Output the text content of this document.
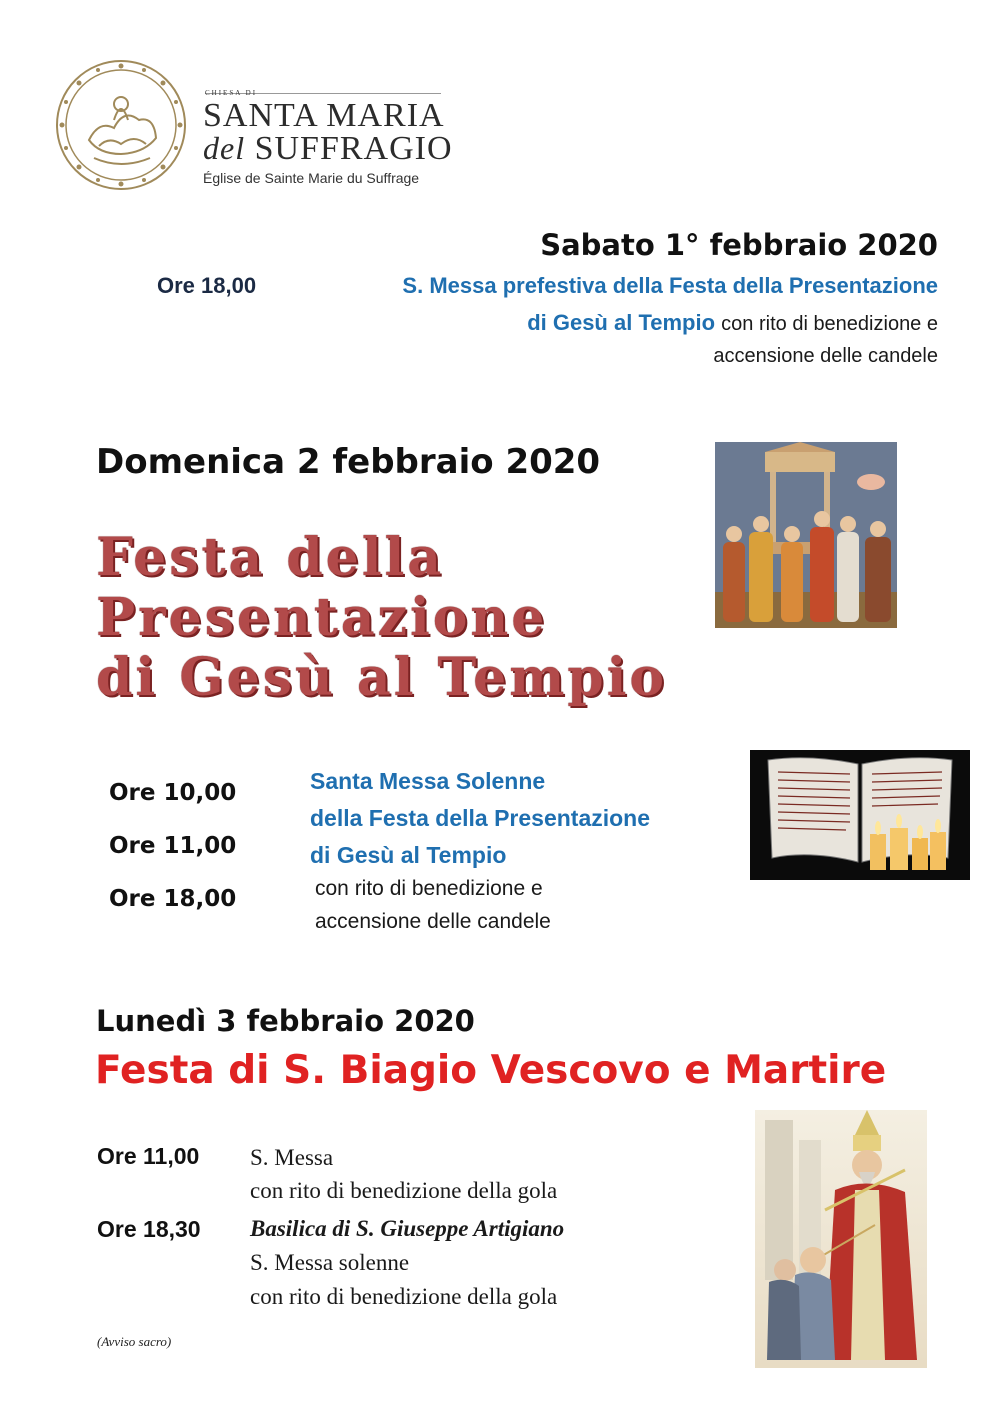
CHIESA DI
SANTA MARIA
del SUFFRAGIO
Église de Sainte Marie du Suffrage
Sabato 1° febbraio 2020
Ore 18,00	S. Messa prefestiva della Festa della Presentazione
di Gesù al Tempio con rito di benedizione e
accensione delle candele
Domenica 2 febbraio 2020
Festa della
Presentazione
di Gesù al Tempio
Ore 10,00
Ore 11,00
Ore 18,00
Santa Messa Solenne
della Festa della Presentazione
di Gesù al Tempio
con rito di benedizione e
accensione delle candele
Lunedì 3 febbraio 2020
Festa di S. Biagio Vescovo e Martire
Ore 11,00 S. Messa
con rito di benedizione della gola
Ore 18,30 Basilica di S. Giuseppe Artigiano
S. Messa solenne
con rito di benedizione della gola
(Avviso sacro)
